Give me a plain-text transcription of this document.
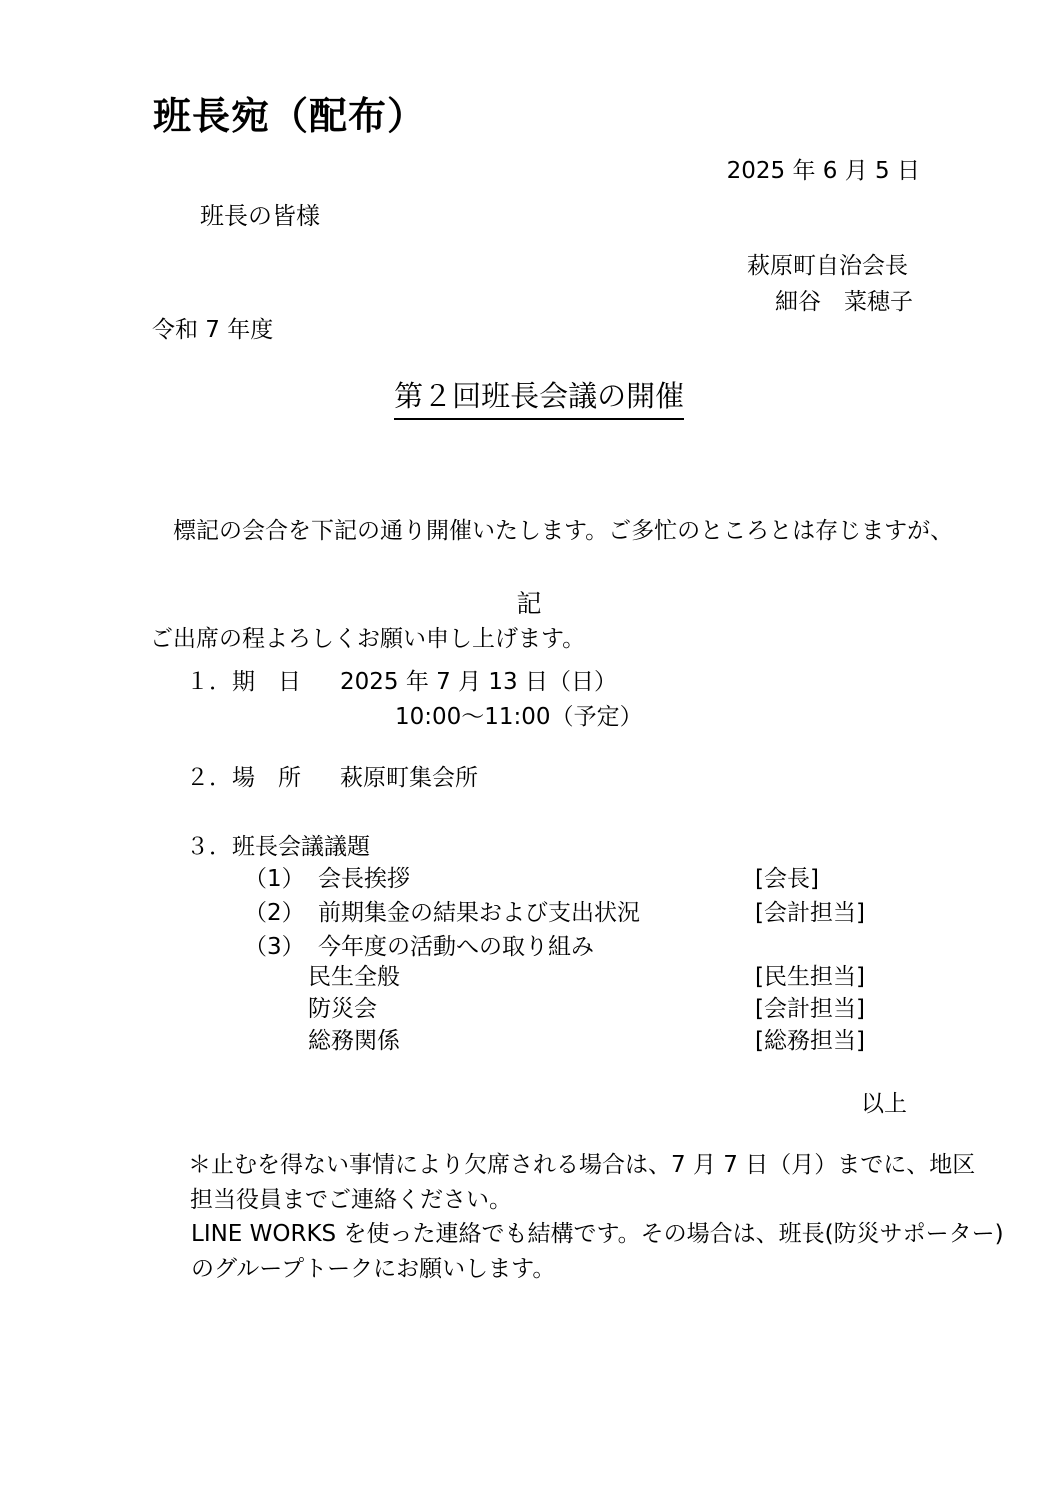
班長宛（配布）
2025 年 6 月 5 日
班長の皆様
萩原町自治会長
細谷　菜穂子
令和 7 年度

第２回班長会議の開催

　標記の会合を下記の通り開催いたします。ご多忙のところとは存じますが、

ご出席の程よろしくお願い申し上げます。

記
１．期　日 2025 年 7 月 13 日（日）
10:00～11:00（予定）
２．場　所 萩原町集会所
３．班長会議議題
（1） 会長挨拶	[会長]
（2） 前期集金の結果および支出状況	[会計担当]
（3） 今年度の活動への取り組み
民生全般	[民生担当]
防災会	[会計担当]
総務関係	[総務担当]
以上
＊止むを得ない事情により欠席される場合は、7 月 7 日（月）までに、地区
担当役員までご連絡ください。
LINE WORKS を使った連絡でも結構です。その場合は、班長(防災サポーター)
のグループトークにお願いします。
